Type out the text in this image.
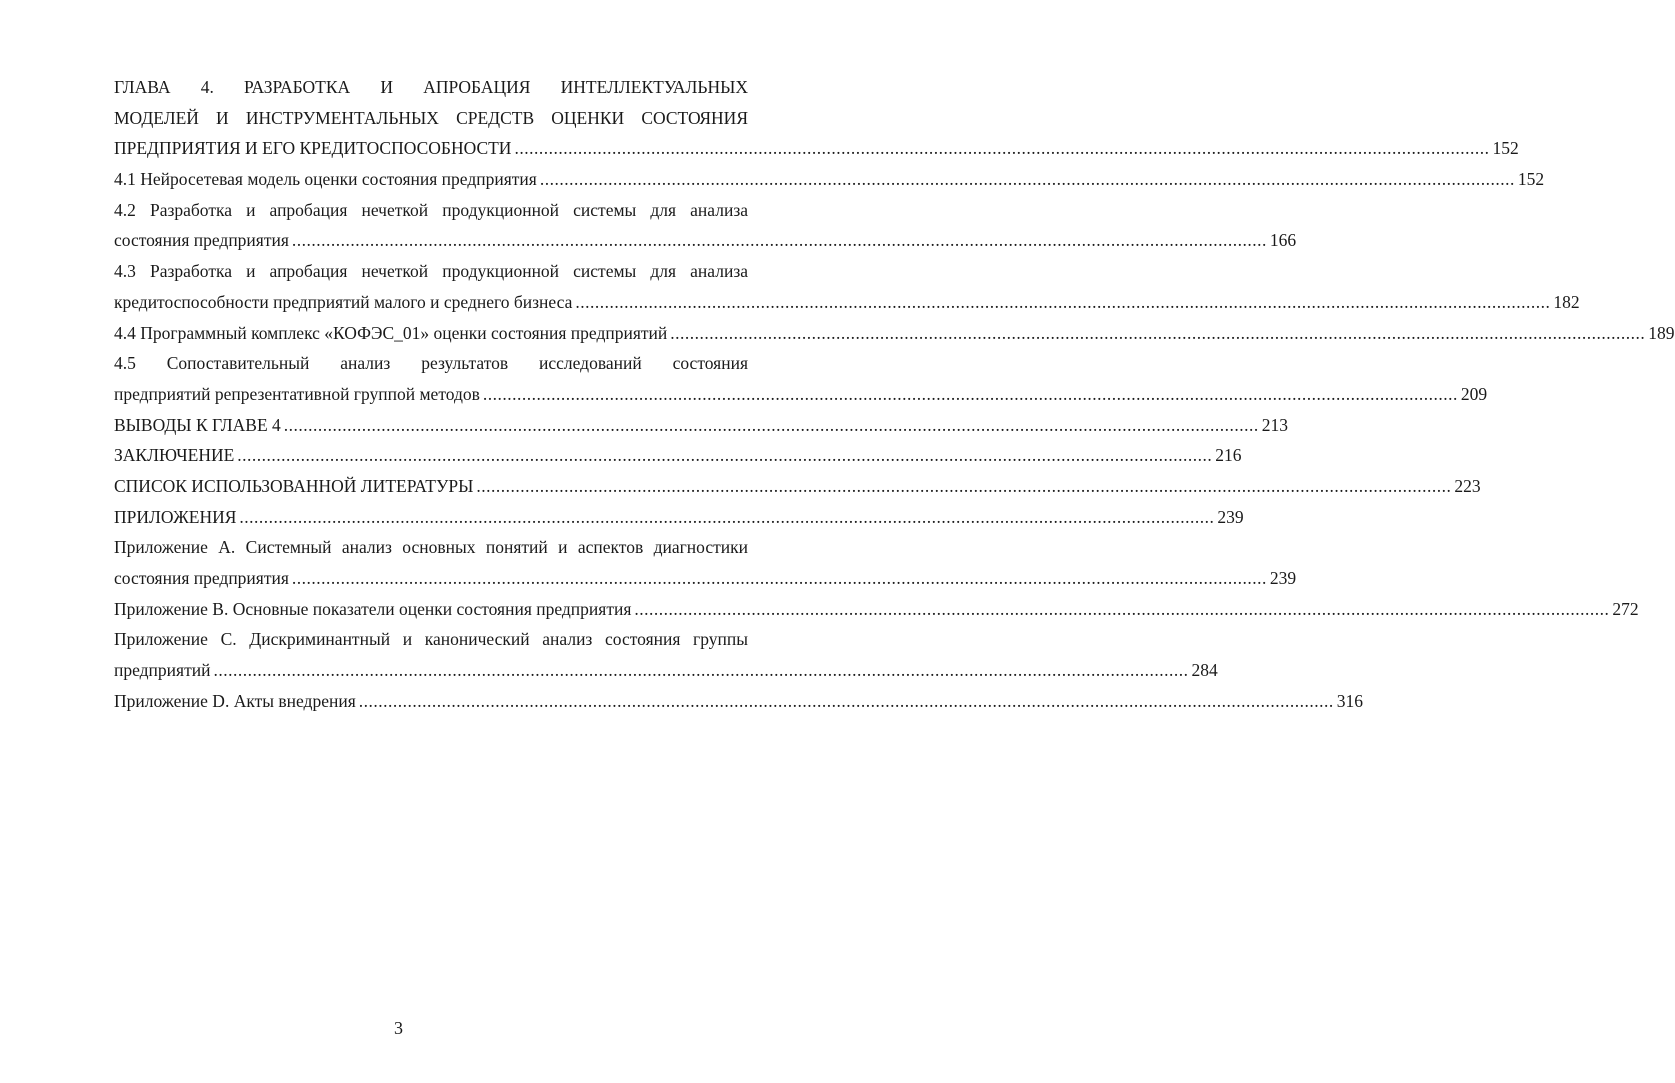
ГЛАВА 4. РАЗРАБОТКА И АПРОБАЦИЯ ИНТЕЛЛЕКТУАЛЬНЫХ
МОДЕЛЕЙ И ИНСТРУМЕНТАЛЬНЫХ СРЕДСТВ ОЦЕНКИ СОСТОЯНИЯ
ПРЕДПРИЯТИЯ И ЕГО КРЕДИТОСПОСОБНОСТИ ........................................................................................................................................................................................................ 152
4.1 Нейросетевая модель оценки состояния предприятия ........................................................................................................................................................................................................ 152
4.2 Разработка и апробация нечеткой продукционной системы для анализа
состояния предприятия ........................................................................................................................................................................................................ 166
4.3 Разработка и апробация нечеткой продукционной системы для анализа
кредитоспособности предприятий малого и среднего бизнеса ........................................................................................................................................................................................................ 182
4.4 Программный комплекс «КОФЭС_01» оценки состояния предприятий ........................................................................................................................................................................................................ 189
4.5 Сопоставительный анализ результатов исследований состояния
предприятий репрезентативной группой методов ........................................................................................................................................................................................................ 209
ВЫВОДЫ К ГЛАВЕ 4 ........................................................................................................................................................................................................ 213
ЗАКЛЮЧЕНИЕ ........................................................................................................................................................................................................ 216
СПИСОК ИСПОЛЬЗОВАННОЙ ЛИТЕРАТУРЫ ........................................................................................................................................................................................................ 223
ПРИЛОЖЕНИЯ ........................................................................................................................................................................................................ 239
Приложение А. Системный анализ основных понятий и аспектов диагностики
состояния предприятия ........................................................................................................................................................................................................ 239
Приложение В. Основные показатели оценки состояния предприятия ........................................................................................................................................................................................................ 272
Приложение С. Дискриминантный и канонический анализ состояния группы
предприятий ........................................................................................................................................................................................................ 284
Приложение D. Акты внедрения ........................................................................................................................................................................................................ 316
3
